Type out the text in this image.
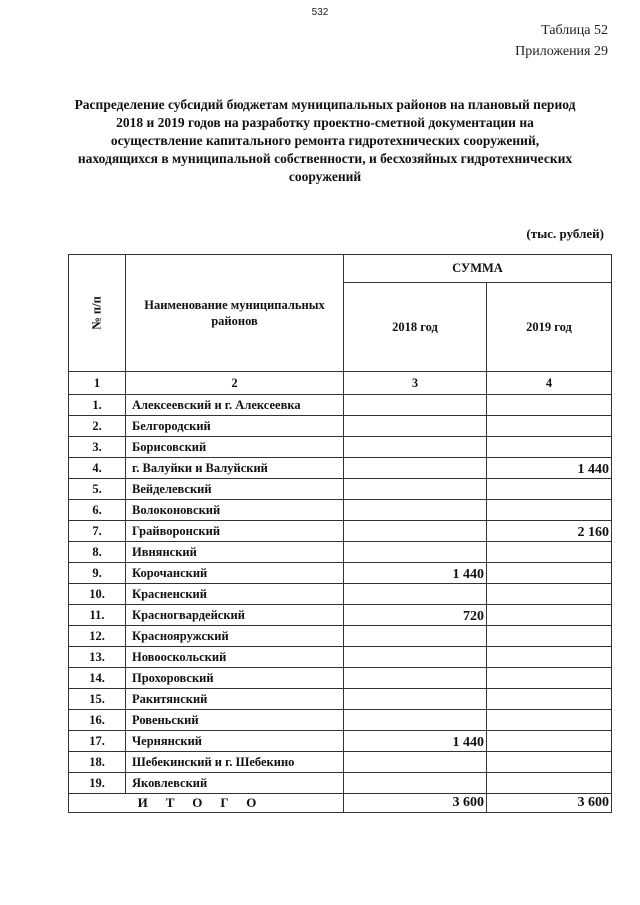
532
Таблица 52
Приложения 29
Распределение субсидий бюджетам муниципальных районов на плановый период
2018 и 2019 годов на разработку проектно-сметной документации на
осуществление капитального ремонта гидротехнических сооружений,
находящихся в муниципальной собственности, и бесхозяйных гидротехнических
сооружений
(тыс. рублей)
№ п/п	Наименование муниципальных районов	СУММА	
		2018 год	2019 год
1	2	3	4
1.	Алексеевский и г. Алексеевка		
2.	Белгородский		
3.	Борисовский		
4.	г. Валуйки и Валуйский		1 440
5.	Вейделевский		
6.	Волоконовский		
7.	Грайворонский		2 160
8.	Ивнянский		
9.	Корочанский	1 440	
10.	Красненский		
11.	Красногвардейский	720	
12.	Краснояружский		
13.	Новооскольский		
14.	Прохоровский		
15.	Ракитянский		
16.	Ровеньский		
17.	Чернянский	1 440	
18.	Шебекинский и г. Шебекино		
19.	Яковлевский		
ИТОГО		3 600	3 600
